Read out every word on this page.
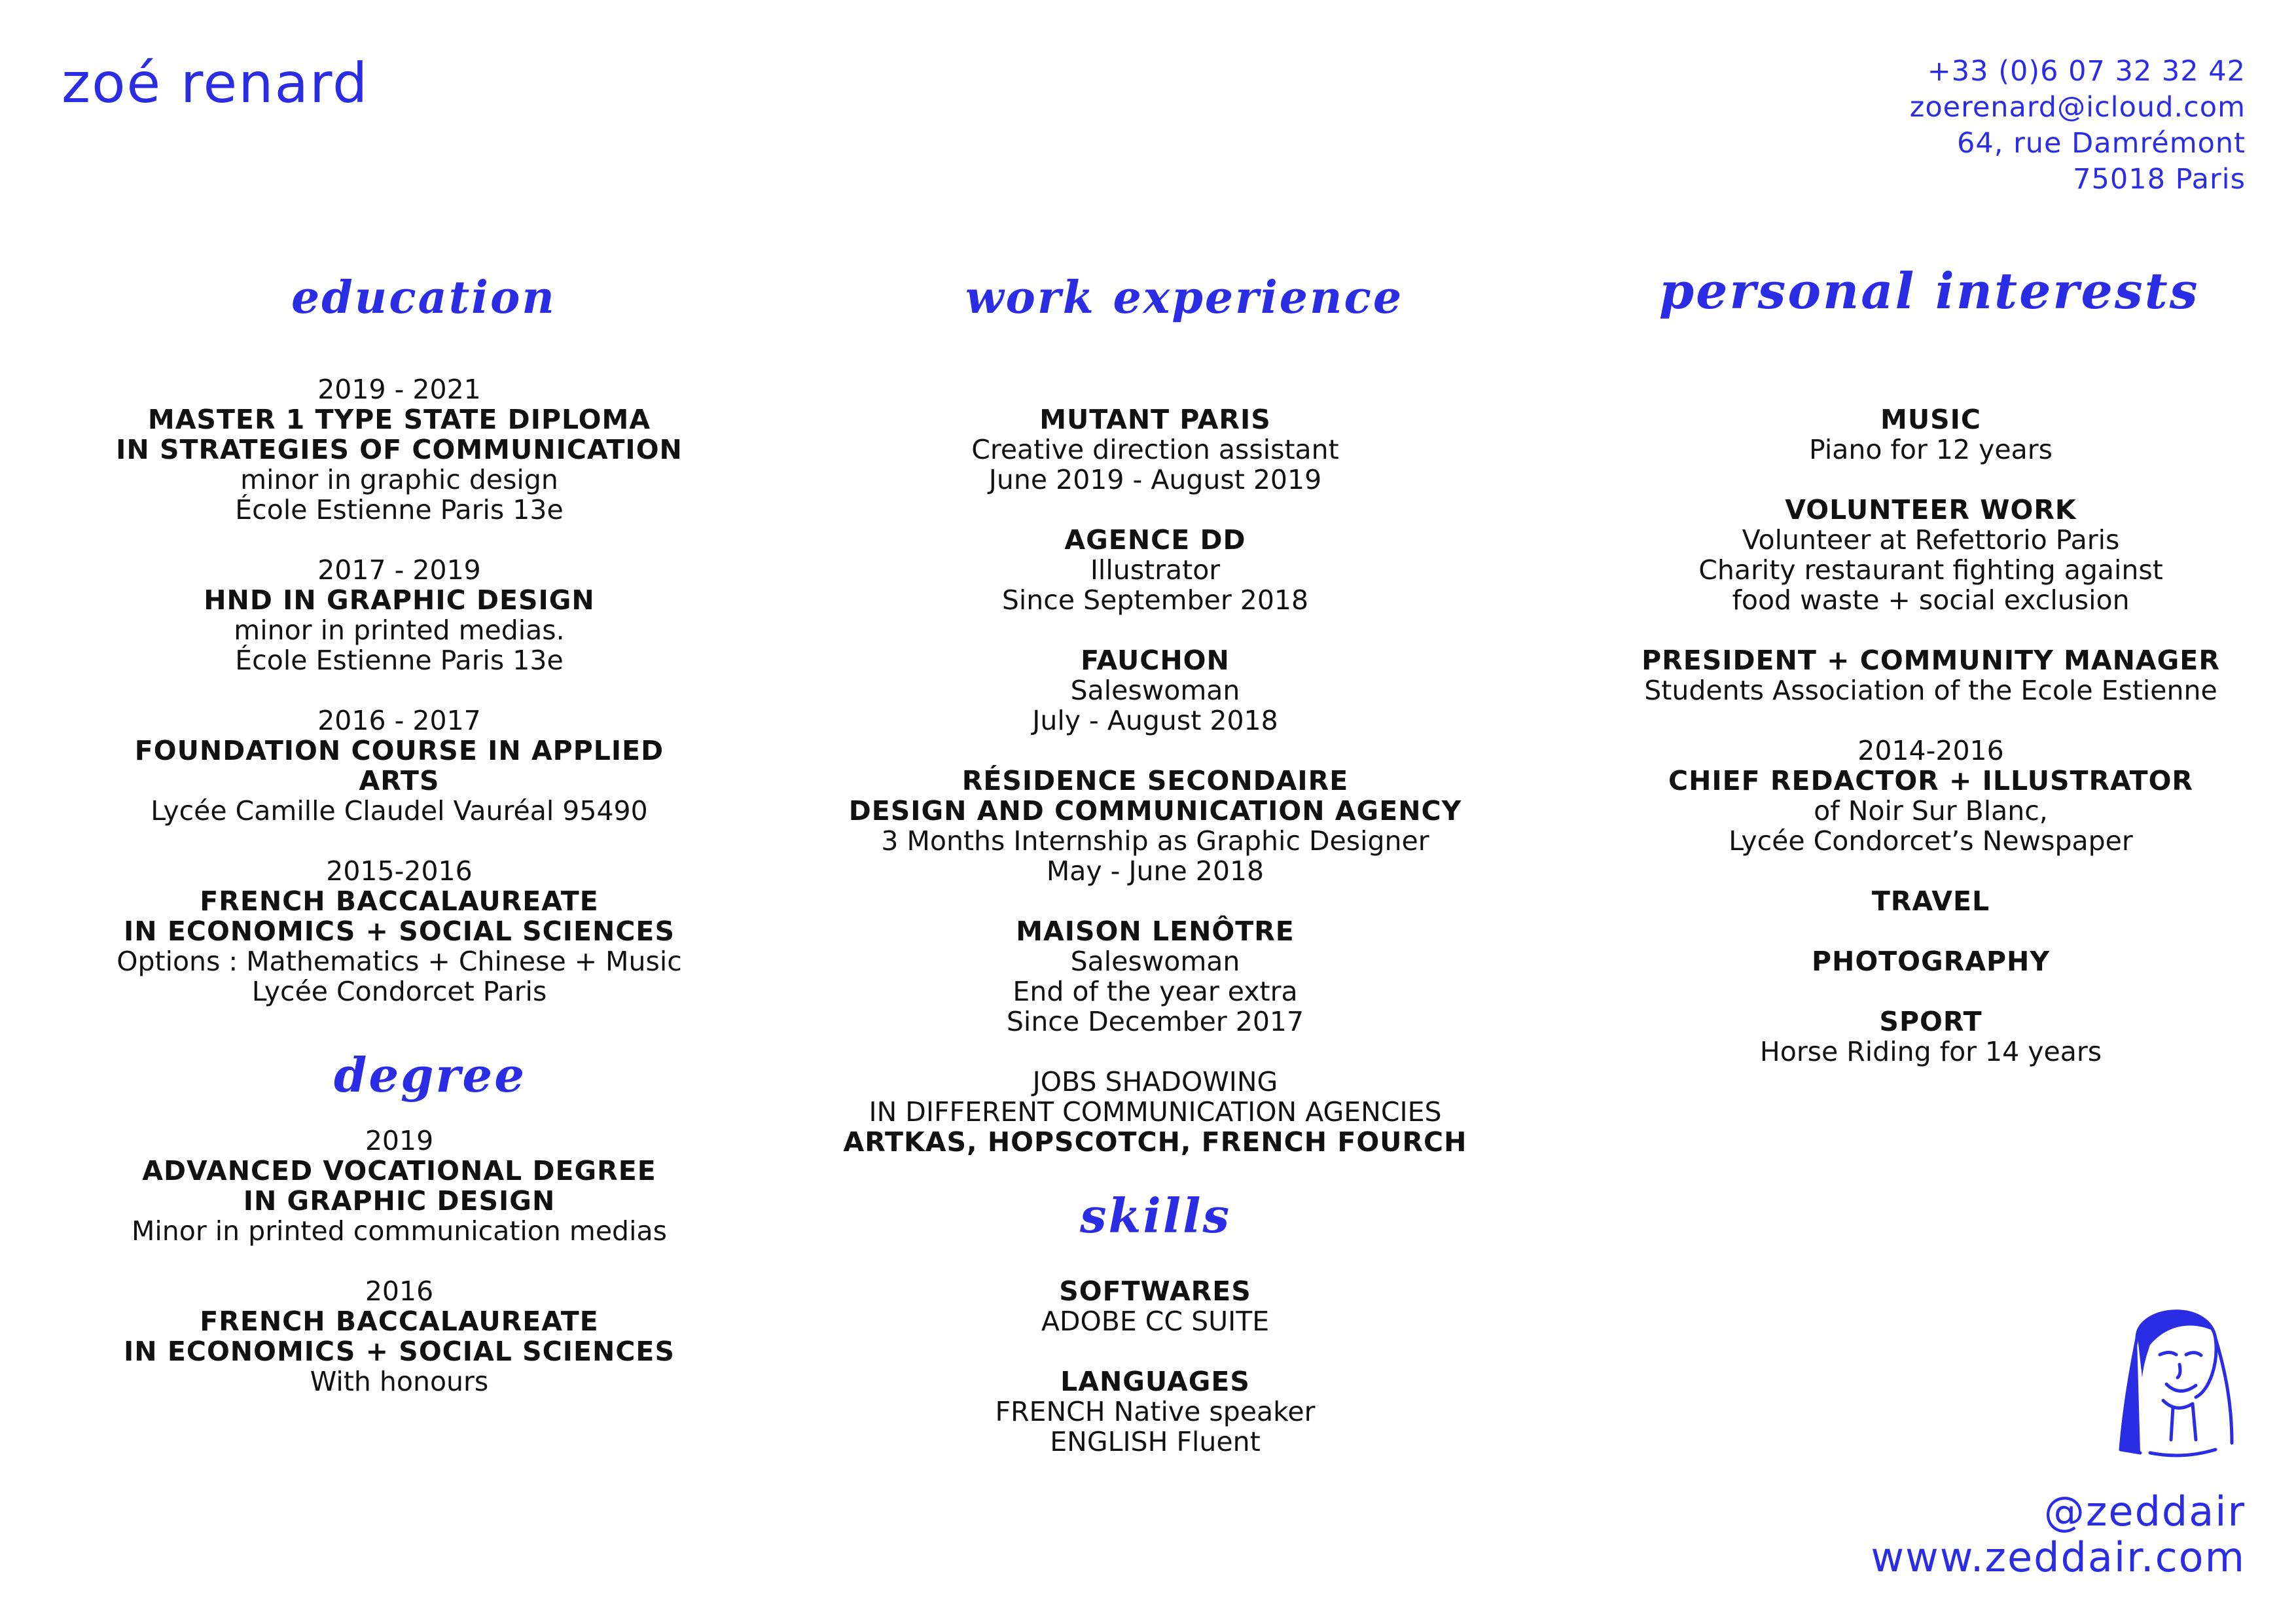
zoé renard	+33 (0)6 07 32 32 42
zoerenard@icloud.com
64, rue Damrémont
75018 Paris
education
2019 - 2021
MASTER 1 TYPE STATE DIPLOMA
IN STRATEGIES OF COMMUNICATION
minor in graphic design
École Estienne Paris 13e
2017 - 2019
HND IN GRAPHIC DESIGN
minor in printed medias.
École Estienne Paris 13e
2016 - 2017
FOUNDATION COURSE IN APPLIED ARTS
Lycée Camille Claudel Vauréal 95490
2015-2016
FRENCH BACCALAUREATE
IN ECONOMICS + SOCIAL SCIENCES
Options : Mathematics + Chinese + Music
Lycée Condorcet Paris
degree
2019
ADVANCED VOCATIONAL DEGREE
IN GRAPHIC DESIGN
Minor in printed communication medias
2016
FRENCH BACCALAUREATE
IN ECONOMICS + SOCIAL SCIENCES
With honours
work experience
MUTANT PARIS
Creative direction assistant
June 2019 - August 2019
AGENCE DD
Illustrator
Since September 2018
FAUCHON
Saleswoman
July - August 2018
RÉSIDENCE SECONDAIRE
DESIGN AND COMMUNICATION AGENCY
3 Months Internship as Graphic Designer
May - June 2018
MAISON LENÔTRE
Saleswoman
End of the year extra
Since December 2017
JOBS SHADOWING
IN DIFFERENT COMMUNICATION AGENCIES
ARTKAS, HOPSCOTCH, FRENCH FOURCH
skills
SOFTWARES
ADOBE CC SUITE
LANGUAGES
FRENCH Native speaker
ENGLISH Fluent
personal interests
MUSIC
Piano for 12 years
VOLUNTEER WORK
Volunteer at Refettorio Paris
Charity restaurant fighting against
food waste + social exclusion
PRESIDENT + COMMUNITY MANAGER
Students Association of the Ecole Estienne
2014-2016
CHIEF REDACTOR + ILLUSTRATOR
of Noir Sur Blanc,
Lycée Condorcet’s Newspaper
TRAVEL
PHOTOGRAPHY
SPORT
Horse Riding for 14 years
@zeddair
www.zeddair.com
